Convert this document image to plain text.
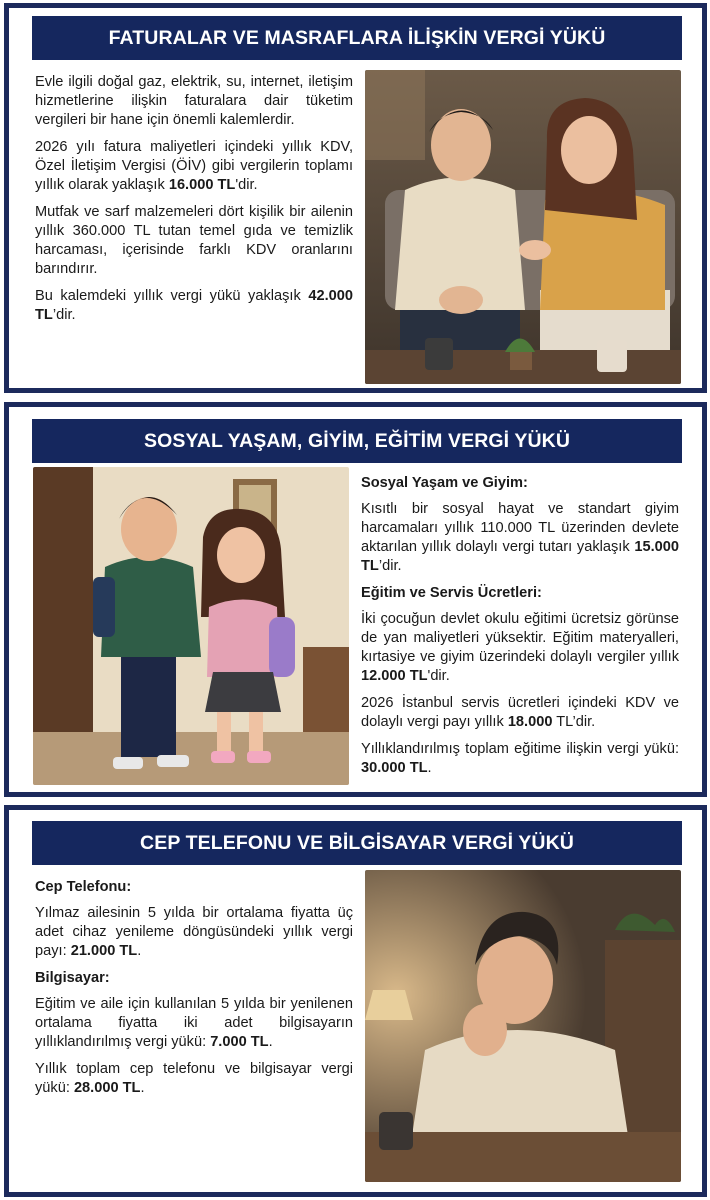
FATURALAR VE MASRAFLARA İLİŞKİN VERGİ YÜKÜ

Evle ilgili doğal gaz, elektrik, su, internet, iletişim hizmetlerine ilişkin faturalara dair tüketim vergileri bir hane için önemli kalemlerdir.

2026 yılı fatura maliyetleri içindeki yıllık KDV, Özel İletişim Vergisi (ÖİV) gibi vergilerin toplamı yıllık olarak yaklaşık 16.000 TL'dir.

Mutfak ve sarf malzemeleri dört kişilik bir ailenin yıllık 360.000 TL tutan temel gıda ve temizlik harcaması, içerisinde farklı KDV oranlarını barındırır.

Bu kalemdeki yıllık vergi yükü yaklaşık 42.000 TL’dir.

SOSYAL YAŞAM, GİYİM, EĞİTİM VERGİ YÜKÜ

Sosyal Yaşam ve Giyim:

Kısıtlı bir sosyal hayat ve standart giyim harcamaları yıllık 110.000 TL üzerinden devlete aktarılan yıllık dolaylı vergi tutarı yaklaşık 15.000 TL’dir.

Eğitim ve Servis Ücretleri:

İki çocuğun devlet okulu eğitimi ücretsiz görünse de yan maliyetleri yüksektir. Eğitim materyalleri, kırtasiye ve giyim üzerindeki dolaylı vergiler yıllık 12.000 TL'dir.

2026 İstanbul servis ücretleri içindeki KDV ve dolaylı vergi payı yıllık 18.000 TL’dir.

Yıllıklandırılmış toplam eğitime ilişkin vergi yükü: 30.000 TL.

CEP TELEFONU VE BİLGİSAYAR VERGİ YÜKÜ

Cep Telefonu:

Yılmaz ailesinin 5 yılda bir ortalama fiyatta üç adet cihaz yenileme döngüsündeki yıllık vergi payı: 21.000 TL.

Bilgisayar:

Eğitim ve aile için kullanılan 5 yılda bir yenilenen ortalama fiyatta iki adet bilgisayarın yıllıklandırılmış vergi yükü: 7.000 TL.

Yıllık toplam cep telefonu ve bilgisayar vergi yükü: 28.000 TL.
